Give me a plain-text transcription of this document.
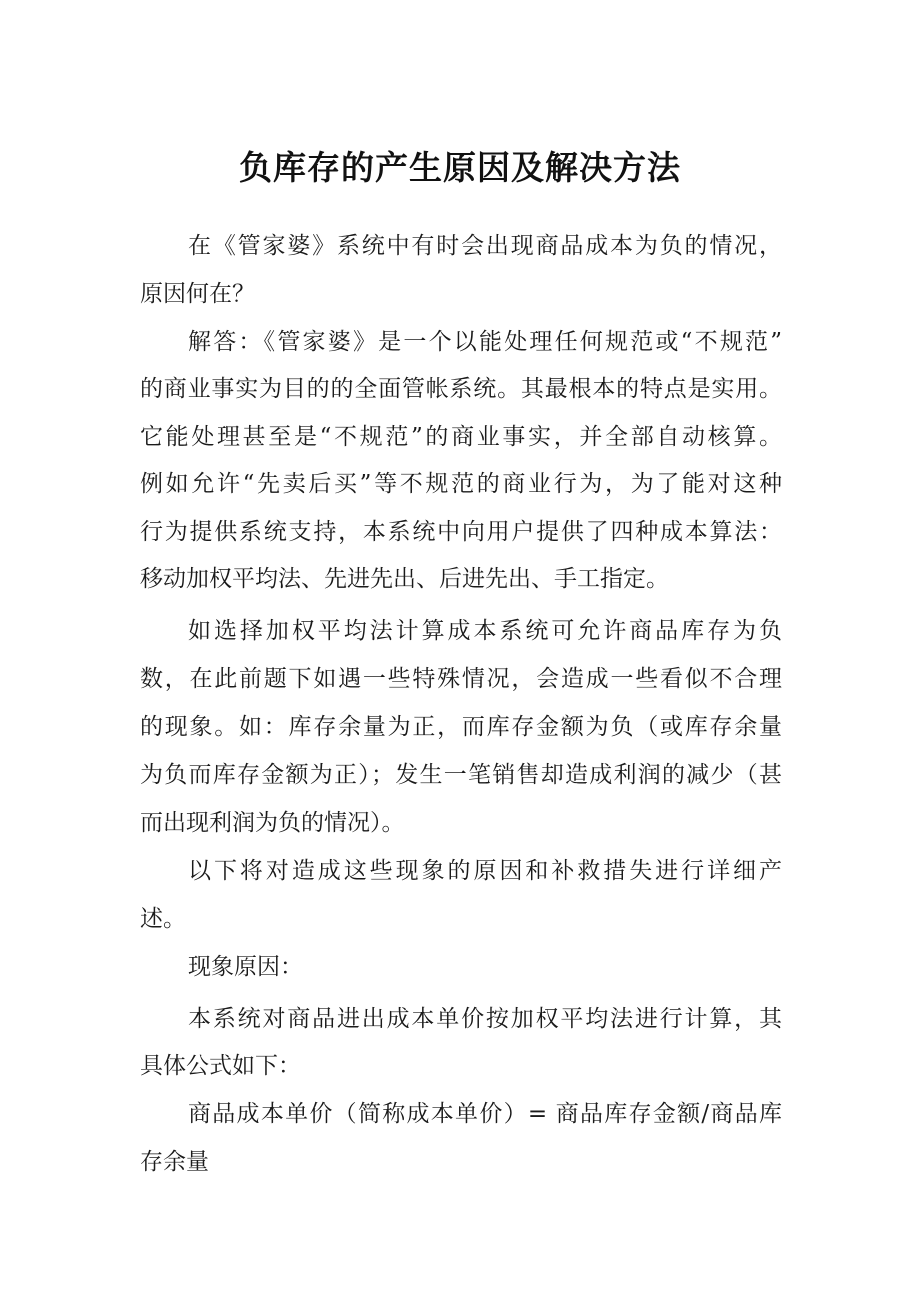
负库存的产生原因及解决方法
在《管家婆》系统中有时会出现商品成本为负的情况，
原因何在？
解答：《管家婆》是一个以能处理任何规范或“不规范”
的商业事实为目的的全面管帐系统。其最根本的特点是实用。
它能处理甚至是“不规范”的商业事实，并全部自动核算。
例如允许“先卖后买”等不规范的商业行为，为了能对这种
行为提供系统支持，本系统中向用户提供了四种成本算法：
移动加权平均法、先进先出、后进先出、手工指定。
如选择加权平均法计算成本系统可允许商品库存为负
数，在此前题下如遇一些特殊情况，会造成一些看似不合理
的现象。如：库存余量为正，而库存金额为负（或库存余量
为负而库存金额为正）；发生一笔销售却造成利润的减少（甚
而出现利润为负的情况）。
以下将对造成这些现象的原因和补救措失进行详细产
述。
现象原因：
本系统对商品进出成本单价按加权平均法进行计算，其
具体公式如下：
商品成本单价（简称成本单价）= 商品库存金额/商品库
存余量
